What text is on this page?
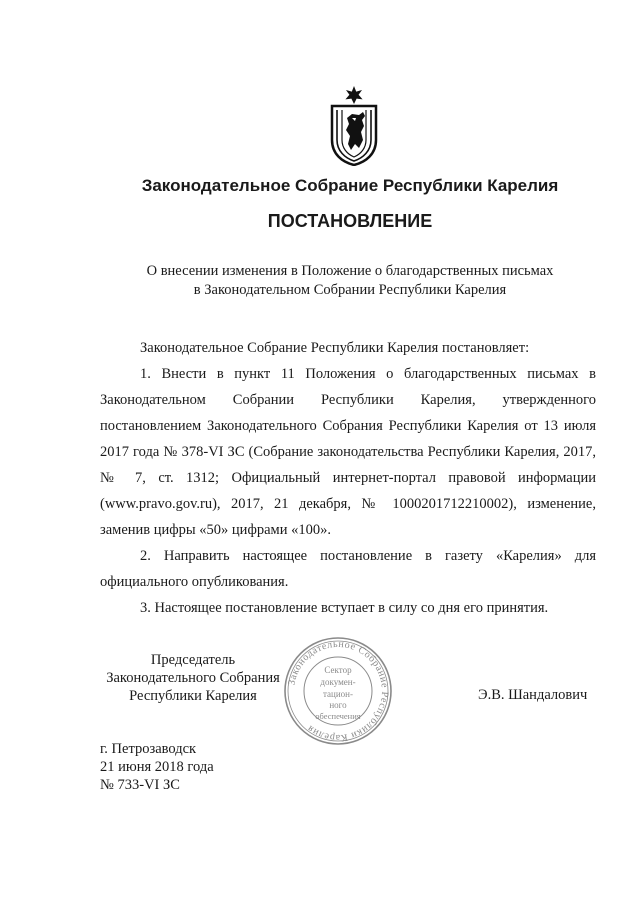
Законодательное Собрание Республики Карелия
ПОСТАНОВЛЕНИЕ
О внесении изменения в Положение о благодарственных письмах
в Законодательном Собрании Республики Карелия

Законодательное Собрание Республики Карелия постановляет:

1. Внести в пункт 11 Положения о благодарственных письмах в Законодательном Собрании Республики Карелия, утвержденного постановлением Законодательного Собрания Республики Карелия от 13 июля 2017 года № 378-VI ЗС (Собрание законодательства Республики Карелия, 2017, № 7, ст. 1312; Официальный интернет-портал правовой информации (www.pravo.gov.ru), 2017, 21 декабря, № 1000201712210002), изменение, заменив цифры «50» цифрами «100».

2. Направить настоящее постановление в газету «Карелия» для официального опубликования.

3. Настоящее постановление вступает в силу со дня его принятия.

Председатель
Законодательного Собрания
Республики Карелия
Законодательное Собрание Республики Карелия
Сектор
докумен-
тацион-
ного
обеспечения
Э.В. Шандалович
г. Петрозаводск
21 июня 2018 года
№ 733-VI ЗС
